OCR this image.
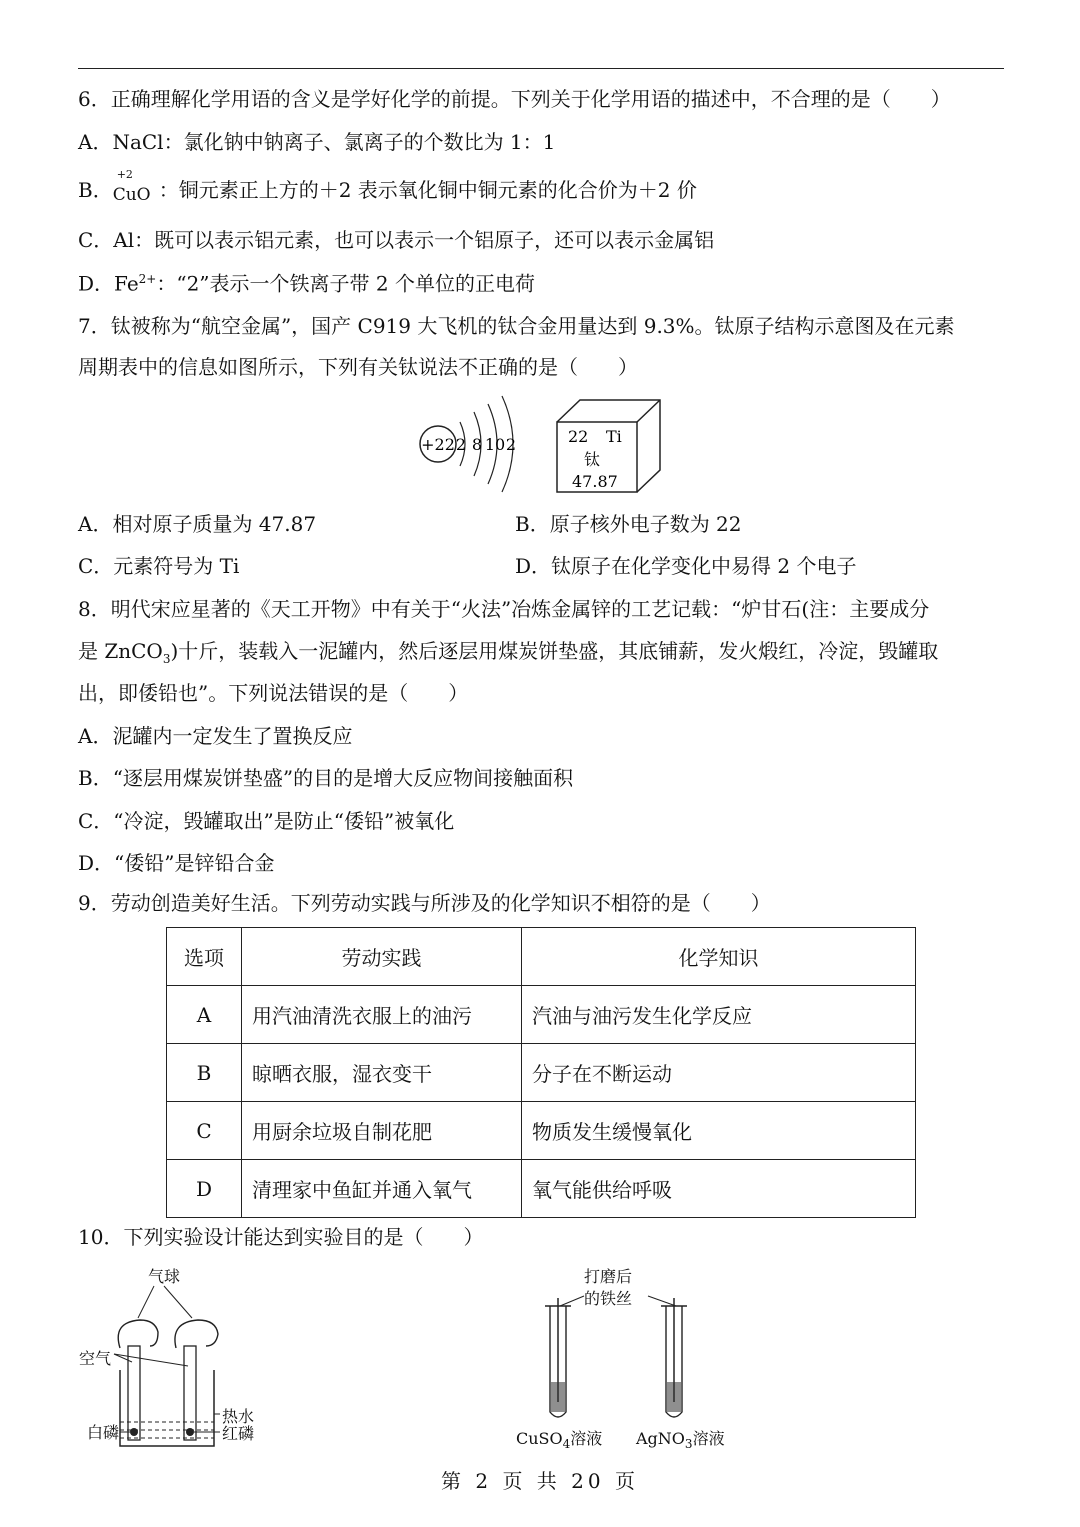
6．正确理解化学用语的含义是学好化学的前提。下列关于化学用语的描述中，不合理的是（　　）
A．NaCl：氯化钠中钠离子、氯离子的个数比为 1：1
B．
+2
CuO ：铜元素正上方的＋2 表示氧化铜中铜元素的化合价为＋2 价
C．Al：既可以表示铝元素，也可以表示一个铝原子，还可以表示金属铝
D．$Fe^{2+}$：“2”表示一个铁离子带 2 个单位的正电荷
7．钛被称为“航空金属”，国产 C919 大飞机的钛合金用量达到 9.3%。钛原子结构示意图及在元素
周期表中的信息如图所示，下列有关钛说法不正确的是（　　）
+22 2 8 10 2	22 Ti
钛
47.87
A．相对原子质量为 47.87	B．原子核外电子数为 22
C．元素符号为 Ti	D．钛原子在化学变化中易得 2 个电子
8．明代宋应星著的《天工开物》中有关于“火法”冶炼金属锌的工艺记载：“炉甘石(注：主要成分
是 ZnCO$_3$)十斤，装载入一泥罐内，然后逐层用煤炭饼垫盛，其底铺薪，发火煅红，冷淀，毁罐取
出，即倭铅也”。下列说法错误的是（　　）
A．泥罐内一定发生了置换反应
B．“逐层用煤炭饼垫盛”的目的是增大反应物间接触面积
C．“冷淀，毁罐取出”是防止“倭铅”被氧化
D．“倭铅”是锌铅合金
9．劳动创造美好生活。下列劳动实践与所涉及的化学知识不相符的是（　　）
选项	劳动实践	化学知识
A	用汽油清洗衣服上的油污	汽油与油污发生化学反应
B	晾晒衣服，湿衣变干	分子在不断运动
C	用厨余垃圾自制花肥	物质发生缓慢氧化
D	清理家中鱼缸并通入氧气	氧气能供给呼吸
10．下列实验设计能达到实验目的是（　　）
气球
空气
热水
白磷	红磷
打磨后
的铁丝
CuSO$_4$溶液 AgNO$_3$溶液
第 2 页 共 20 页
